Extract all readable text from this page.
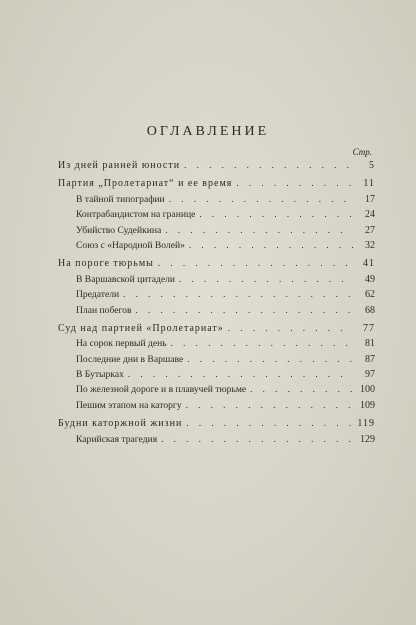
ОГЛАВЛЕНИЕ
Стр.
Из дней ранней юности . . .	5
Партия „Пролетариат“ и ее время . . .	11
В тайной типографии . . .	17
Контрабандистом на границе . . .	24
Убийство Судейкина . . .	27
Союз с «Народной Волей» . . .	32
На пороге тюрьмы . . .	41
В Варшавской цитадели . . .	49
Предатели . . .	62
План побегов . . .	68
Суд над партией «Пролетариат» . . .	77
На сорок первый день . . .	81
Последние дни в Варшаве . . .	87
В Бутырках . . .	97
По железной дороге и в плавучей тюрьме . . .	100
Пешим этапом на каторгу . . .	109
Будни каторжной жизни . . .	119
Карийская трагедия . . .	129
